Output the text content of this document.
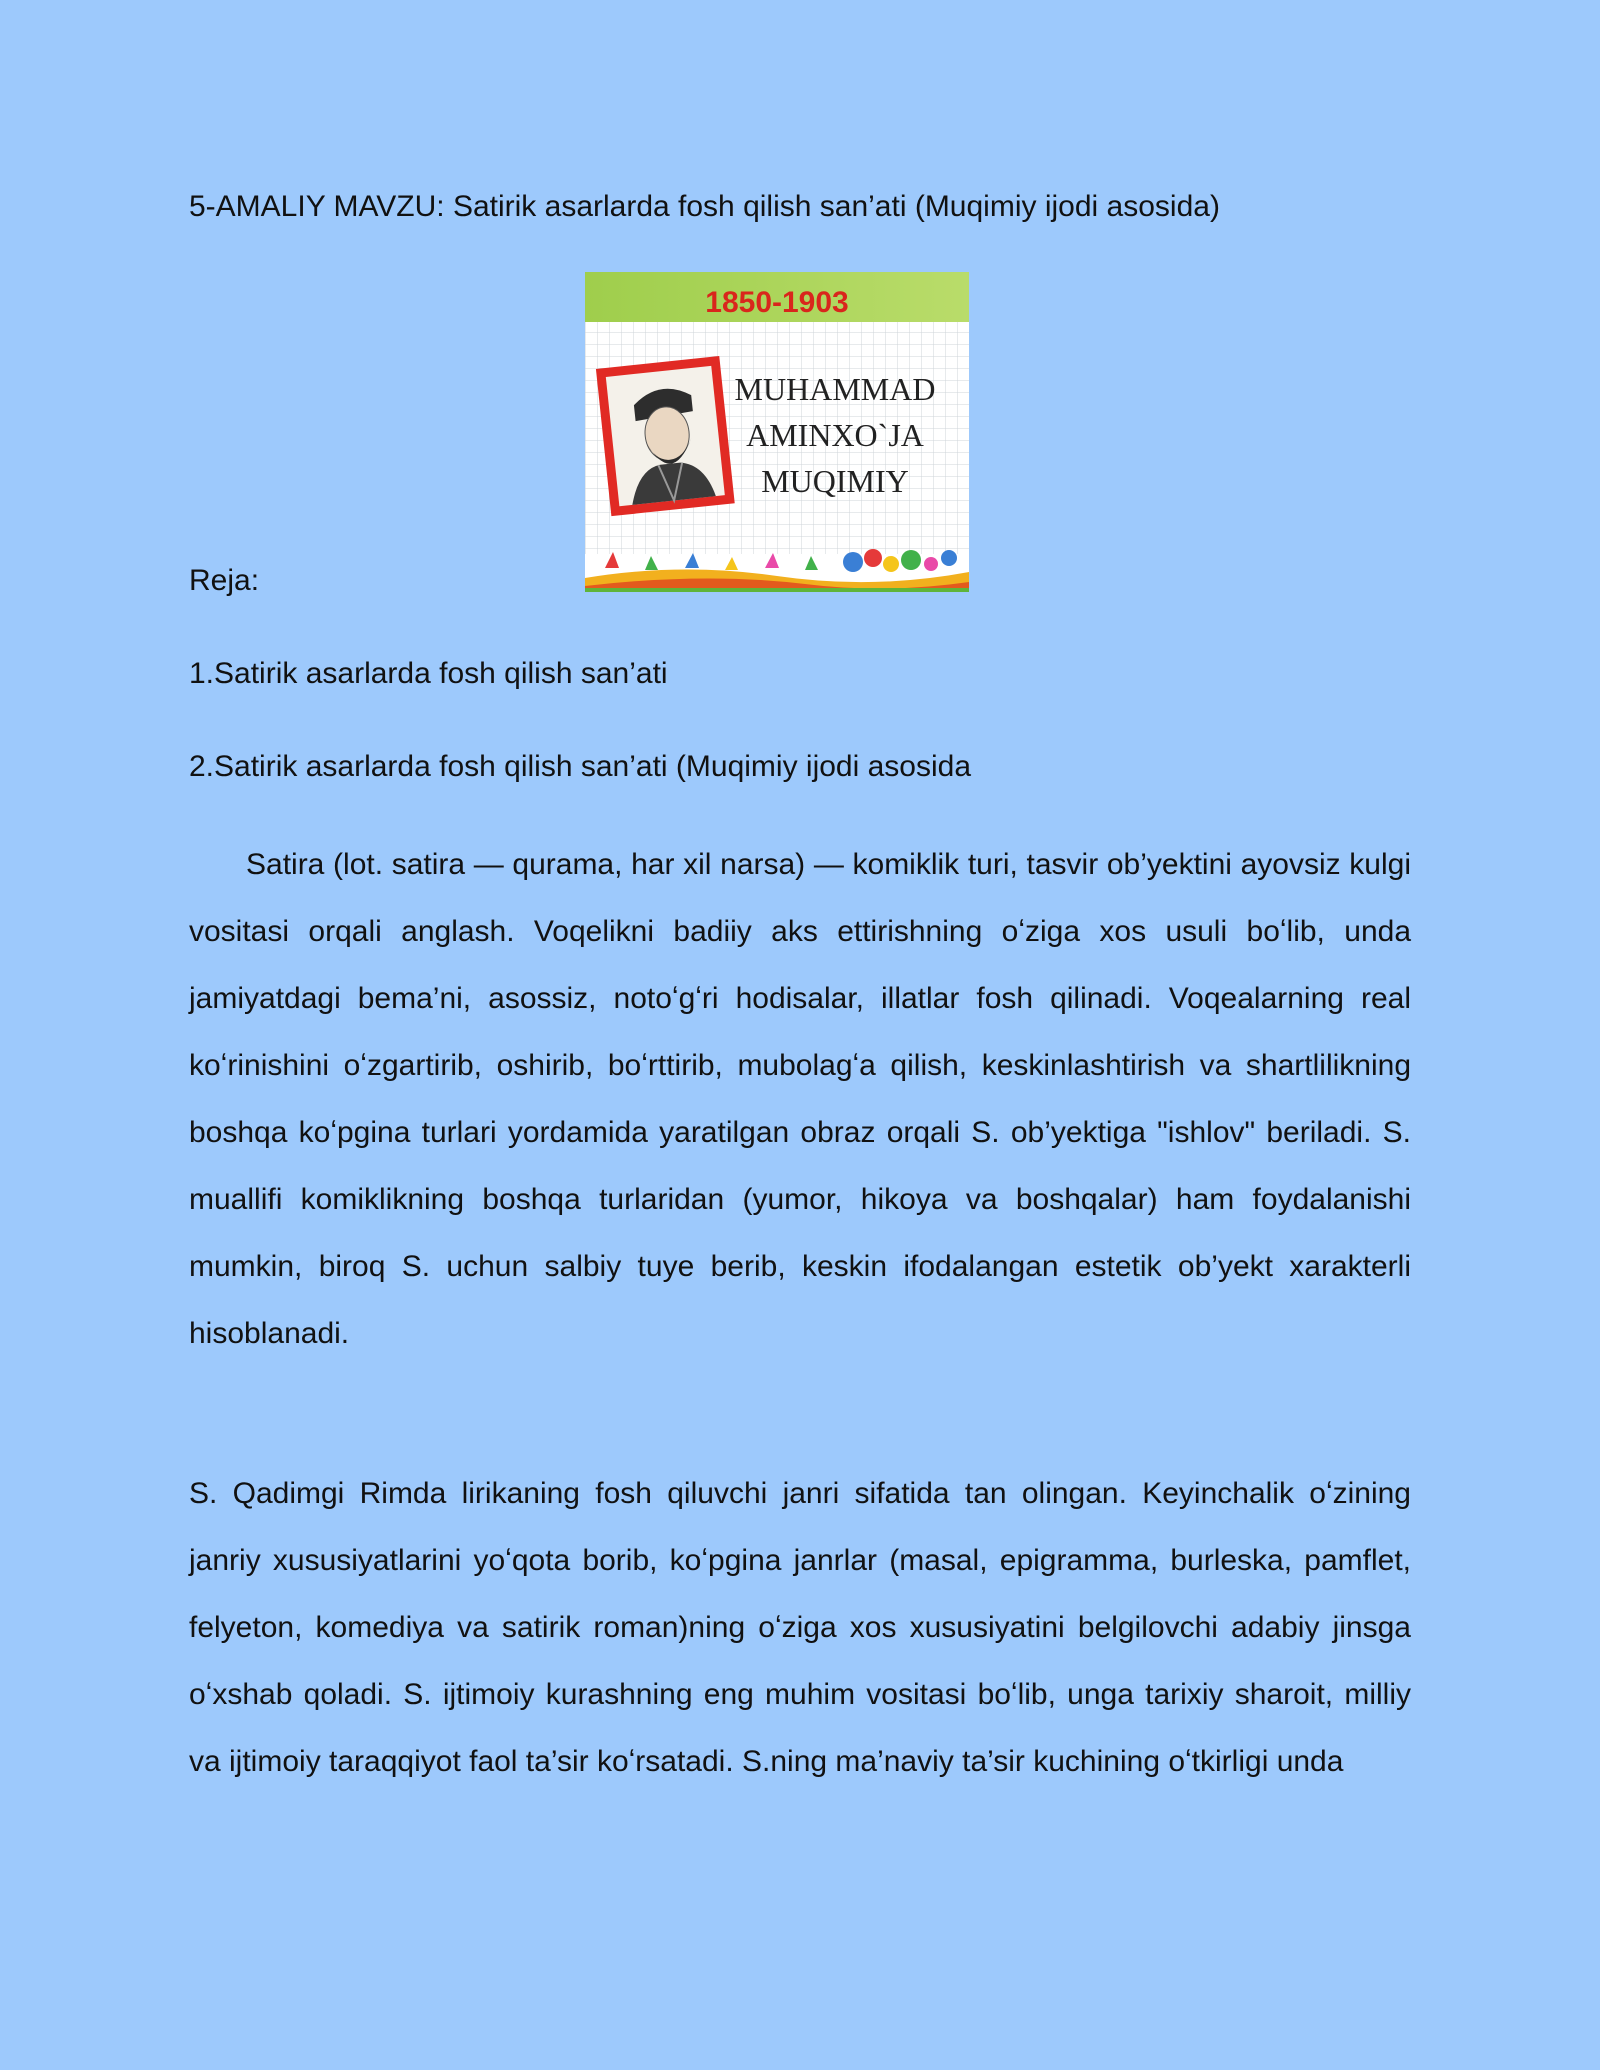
5-AMALIY MAVZU: Satirik asarlarda fosh qilish san’ati (Muqimiy ijodi asosida)
1850-1903
MUHAMMAD
AMINXO`JA
MUQIMIY
Reja:
1.Satirik asarlarda fosh qilish san’ati
2.Satirik asarlarda fosh qilish san’ati (Muqimiy ijodi asosida

Satira (lot. satira — qurama, har xil narsa) — komiklik turi, tasvir ob’yektini ayovsiz kulgi vositasi orqali anglash. Voqelikni badiiy aks ettirishning oʻziga xos usuli boʻlib, unda jamiyatdagi bema’ni, asossiz, notoʻgʻri hodisalar, illatlar fosh qilinadi. Voqealarning real koʻrinishini oʻzgartirib, oshirib, boʻrttirib, mubolagʻa qilish, keskinlashtirish va shartlilikning boshqa koʻpgina turlari yordamida yaratilgan obraz orqali S. ob’yektiga "ishlov" beriladi. S. muallifi komiklikning boshqa turlaridan (yumor, hikoya va boshqalar) ham foydalanishi mumkin, biroq S. uchun salbiy tuye berib, keskin ifodalangan estetik ob’yekt xarakterli hisoblanadi.

S. Qadimgi Rimda lirikaning fosh qiluvchi janri sifatida tan olingan. Keyinchalik oʻzining janriy xususiyatlarini yoʻqota borib, koʻpgina janrlar (masal, epigramma, burleska, pamflet, felyeton, komediya va satirik roman)ning oʻziga xos xususiyatini belgilovchi adabiy jinsga oʻxshab qoladi. S. ijtimoiy kurashning eng muhim vositasi boʻlib, unga tarixiy sharoit, milliy va ijtimoiy taraqqiyot faol ta’sir koʻrsatadi. S.ning ma’naviy ta’sir kuchining oʻtkirligi unda
